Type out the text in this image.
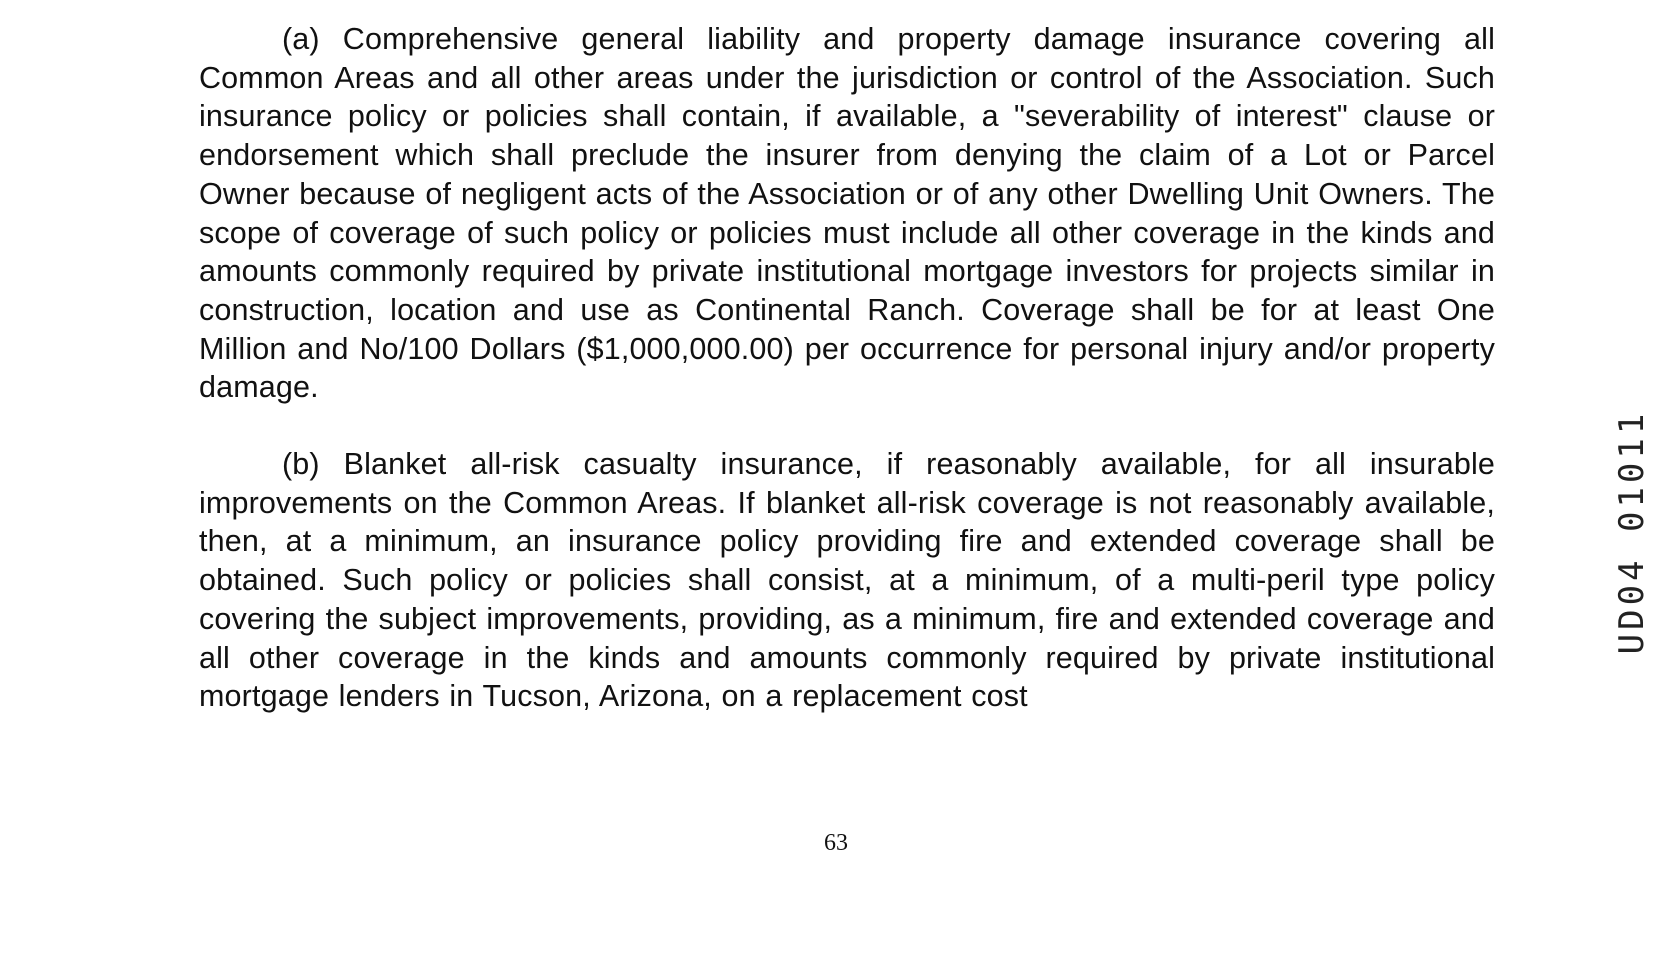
(a) Comprehensive general liability and property damage insurance covering all Common Areas and all other areas under the jurisdiction or control of the Association. Such insurance policy or policies shall contain, if available, a "severability of interest" clause or endorsement which shall preclude the insurer from denying the claim of a Lot or Parcel Owner because of negligent acts of the Association or of any other Dwelling Unit Owners. The scope of coverage of such policy or policies must include all other coverage in the kinds and amounts commonly required by private institutional mortgage investors for projects similar in construction, location and use as Continental Ranch. Coverage shall be for at least One Million and No/100 Dollars ($1,000,000.00) per occurrence for personal injury and/or property damage.

(b) Blanket all-risk casualty insurance, if reasonably available, for all insurable improvements on the Common Areas. If blanket all-risk coverage is not reasonably available, then, at a minimum, an insurance policy providing fire and extended coverage shall be obtained. Such policy or policies shall consist, at a minimum, of a multi-peril type policy covering the subject improvements, providing, as a minimum, fire and extended coverage and all other coverage in the kinds and amounts commonly required by private institutional mortgage lenders in Tucson, Arizona, on a replacement cost

UD04 01011
63
